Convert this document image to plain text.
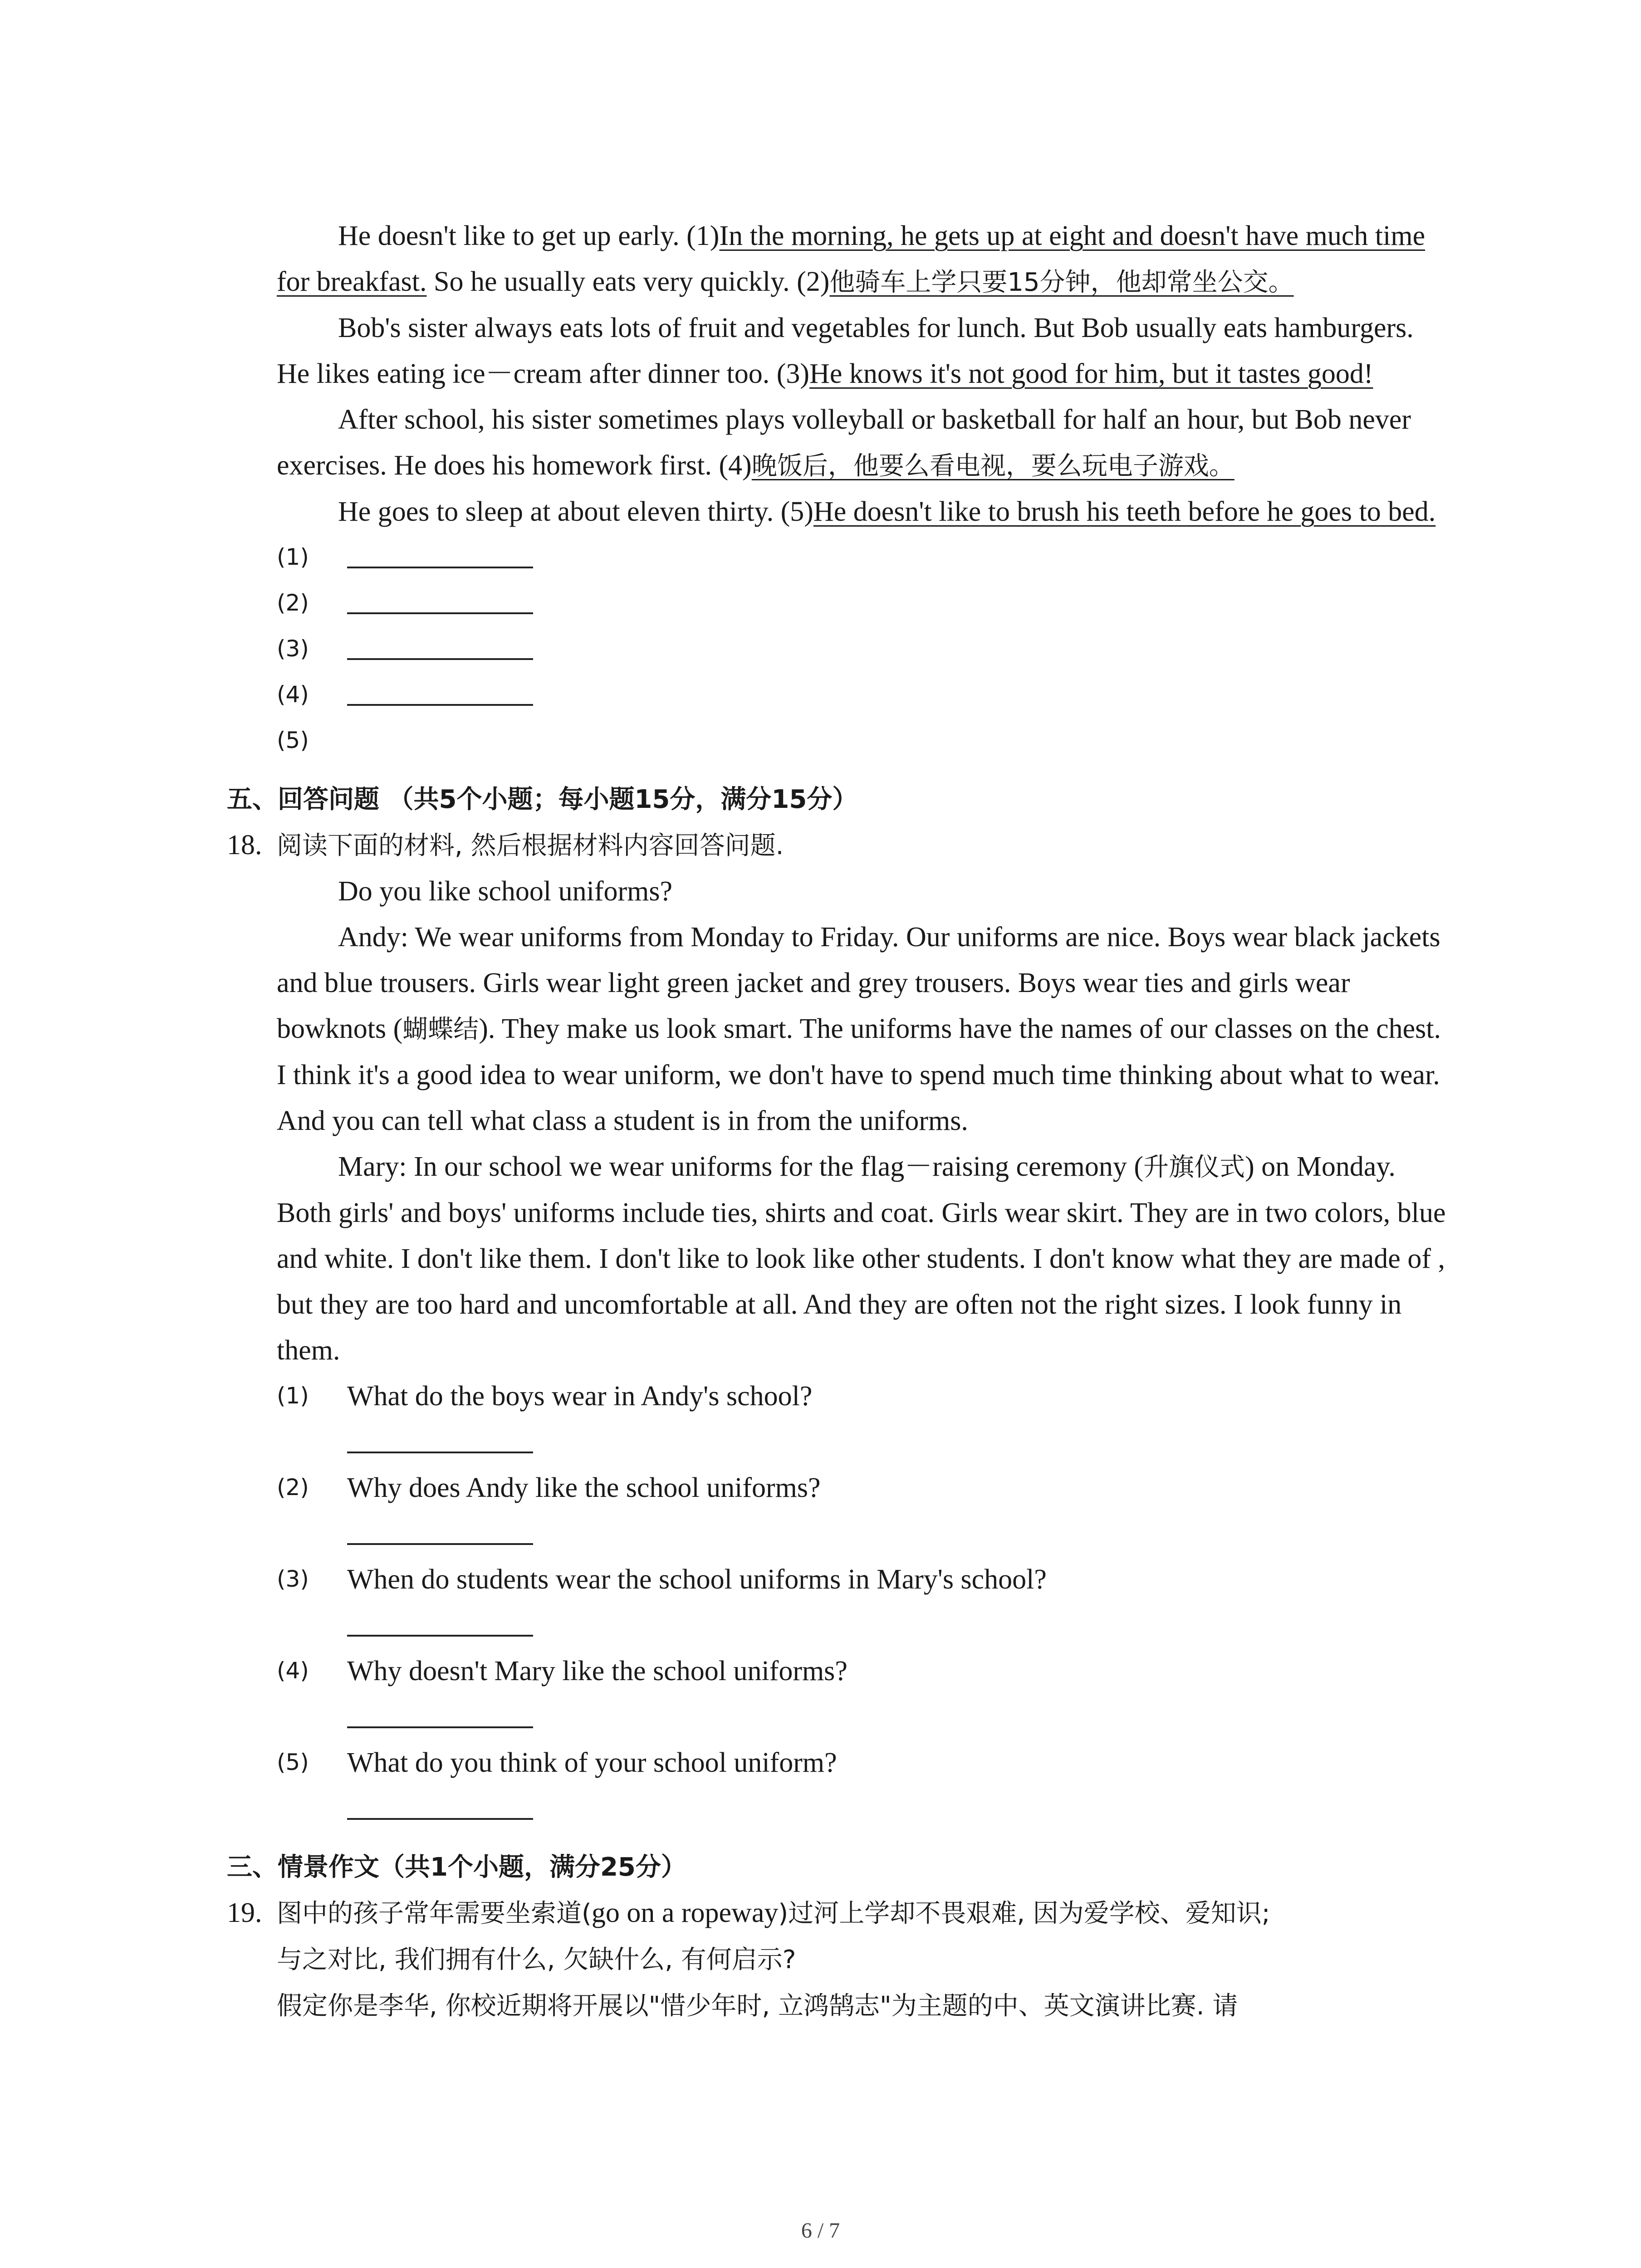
He doesn't like to get up early. (1)In the morning, he gets up at eight and doesn't have much time for breakfast. So he usually eats very quickly. (2)他骑车上学只要15分钟，他却常坐公交。

Bob's sister always eats lots of fruit and vegetables for lunch. But Bob usually eats hamburgers. He likes eating ice－cream after dinner too. (3)He knows it's not good for him, but it tastes good!

After school, his sister sometimes plays volleyball or basketball for half an hour, but Bob never exercises. He does his homework first. (4)晚饭后，他要么看电视，要么玩电子游戏。

He goes to sleep at about eleven thirty. (5)He doesn't like to brush his teeth before he goes to bed.

(1)
(2)
(3)
(4)
(5)

五、回答问题 （共5个小题；每小题15分，满分15分）

18. 阅读下面的材料, 然后根据材料内容回答问题.

Do you like school uniforms?

Andy: We wear uniforms from Monday to Friday. Our uniforms are nice. Boys wear black jackets and blue trousers. Girls wear light green jacket and grey trousers. Boys wear ties and girls wear bowknots (蝴蝶结). They make us look smart. The uniforms have the names of our classes on the chest. I think it's a good idea to wear uniform, we don't have to spend much time thinking about what to wear. And you can tell what class a student is in from the uniforms.

Mary: In our school we wear uniforms for the flag－raising ceremony (升旗仪式) on Monday. Both girls' and boys' uniforms include ties, shirts and coat. Girls wear skirt. They are in two colors, blue and white. I don't like them. I don't like to look like other students. I don't know what they are made of , but they are too hard and uncomfortable at all. And they are often not the right sizes. I look funny in them.

(1) What do the boys wear in Andy's school?
(2) Why does Andy like the school uniforms?
(3) When do students wear the school uniforms in Mary's school?
(4) Why doesn't Mary like the school uniforms?
(5) What do you think of your school uniform?

三、情景作文（共1个小题，满分25分）

19. 图中的孩子常年需要坐索道(go on a ropeway)过河上学却不畏艰难, 因为爱学校、爱知识;

与之对比, 我们拥有什么, 欠缺什么, 有何启示?

假定你是李华, 你校近期将开展以"惜少年时, 立鸿鹄志"为主题的中、英文演讲比赛. 请

6 / 7
